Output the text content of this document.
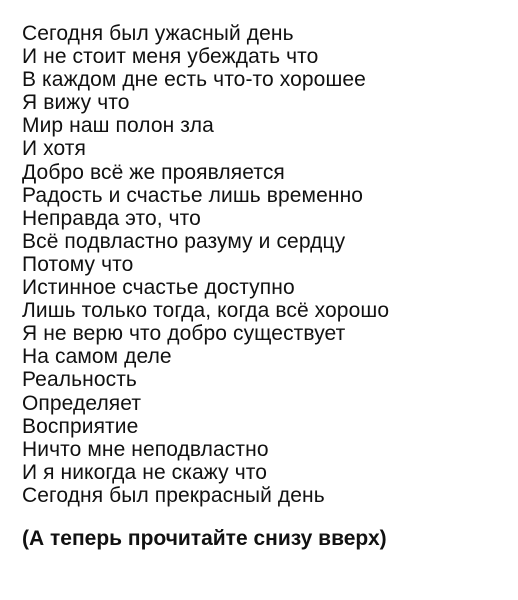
Сегодня был ужасный день
И не стоит меня убеждать что
В каждом дне есть что-то хорошее
Я вижу что
Мир наш полон зла
И хотя
Добро всё же проявляется
Радость и счастье лишь временно
Неправда это, что
Всё подвластно разуму и сердцу
Потому что
Истинное счастье доступно
Лишь только тогда, когда всё хорошо
Я не верю что добро существует
На самом деле
Реальность
Определяет
Восприятие
Ничто мне неподвластно
И я никогда не скажу что
Сегодня был прекрасный день
(А теперь прочитайте снизу вверх)
